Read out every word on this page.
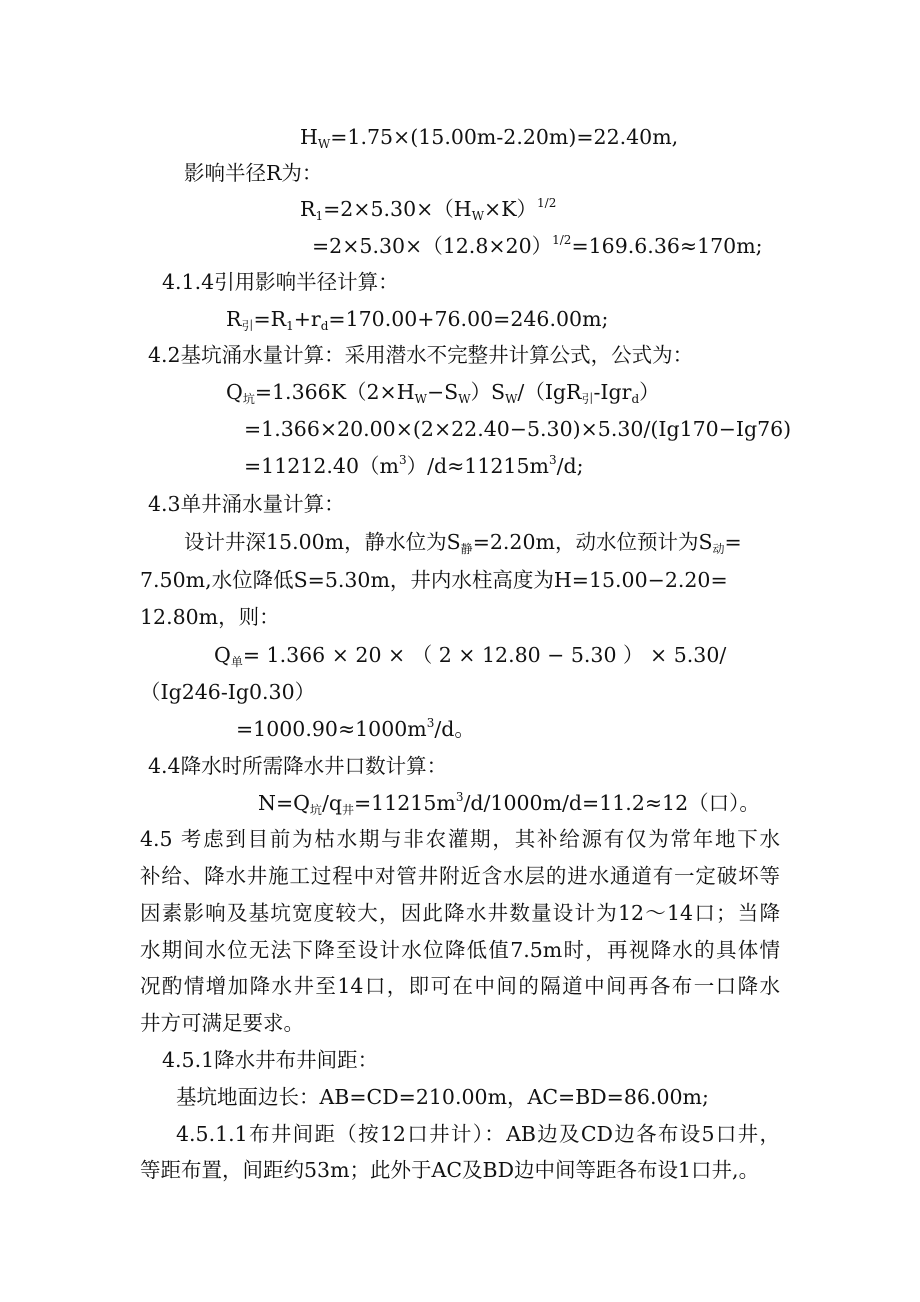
$H_W=1.75\times(15.00m-2.20m)=22.40m$,
影响半径R为：
$R_1=2\times 5.30\times(H_W\times K)^{1/2}$
$=2\times 5.30\times(12.8\times 20)^{1/2}=169.6.36\approx 170m$;
4.1.4引用影响半径计算：
$R_引=R_1+r_d=170.00+76.00=246.00m$;
4.2基坑涌水量计算：采用潜水不完整井计算公式，公式为：
$Q_坑=1.366K(2\times H_W-S_W)S_W/(IgR_引-Igr_d)$
=1.366×20.00×(2×22.40−5.30)×5.30/(Ig170−Ig76)
$=11212.40(m^3)/d\approx 11215m^3/d$;
4.3单井涌水量计算：
设计井深15.00m，静水位为$S_静=2.20m$，动水位预计为$S_动=$
7.50m,水位降低S=5.30m，井内水柱高度为H=15.00−2.20=
12.80m，则：
$Q_单= 1.366 \times 20$ × （ 2 × 12.80 − 5.30 ） × 5.30/
（Ig246-Ig0.30）
$=1000.90\approx 1000m^3/d$。
4.4降水时所需降水井口数计算：
$N=Q_坑/q_井=11215m^3/d/1000m/d=11.2\approx 12$（口）。
4.5 考虑到目前为枯水期与非农灌期，其补给源有仅为常年地下水
补给、降水井施工过程中对管井附近含水层的进水通道有一定破坏等
因素影响及基坑宽度较大，因此降水井数量设计为12～14口；当降
水期间水位无法下降至设计水位降低值7.5m时，再视降水的具体情
况酌情增加降水井至14口，即可在中间的隔道中间再各布一口降水
井方可满足要求。
4.5.1降水井布井间距：
基坑地面边长：AB=CD=210.00m，AC=BD=86.00m;
4.5.1.1布井间距（按12口井计）：AB边及CD边各布设5口井，
等距布置，间距约53m；此外于AC及BD边中间等距各布设1口井,。
